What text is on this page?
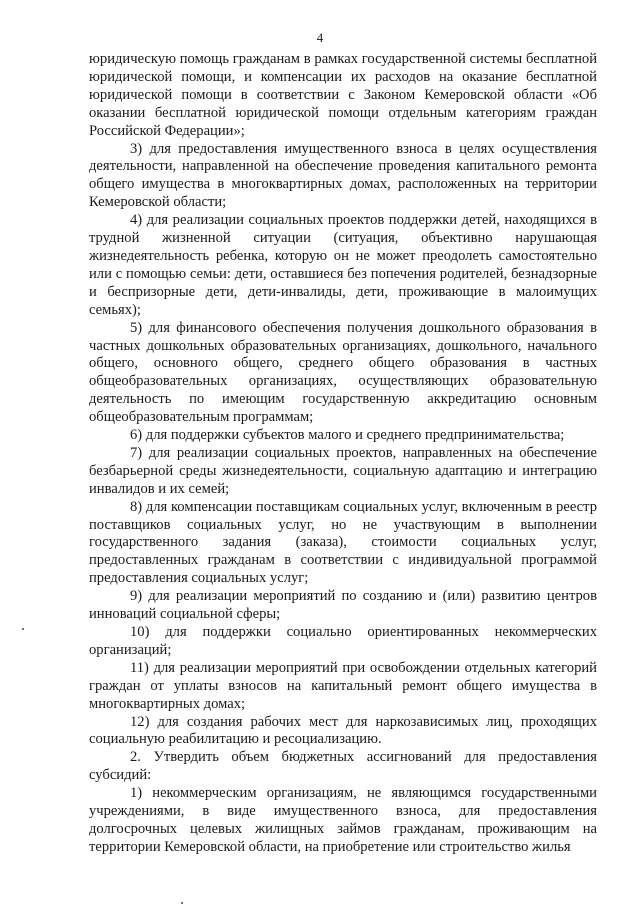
4

юридическую помощь гражданам в рамках государственной системы бесплатной юридической помощи, и компенсации их расходов на оказание бесплатной юридической помощи в соответствии с Законом Кемеровской области «Об оказании бесплатной юридической помощи отдельным категориям граждан Российской Федерации»;

3) для предоставления имущественного взноса в целях осуществления деятельности, направленной на обеспечение проведения капитального ремонта общего имущества в многоквартирных домах, расположенных на территории Кемеровской области;

4) для реализации социальных проектов поддержки детей, находящихся в трудной жизненной ситуации (ситуация, объективно нарушающая жизнедеятельность ребенка, которую он не может преодолеть самостоятельно или с помощью семьи: дети, оставшиеся без попечения родителей, безнадзорные и беспризорные дети, дети-инвалиды, дети, проживающие в малоимущих семьях);

5) для финансового обеспечения получения дошкольного образования в частных дошкольных образовательных организациях, дошкольного, начального общего, основного общего, среднего общего образования в частных общеобразовательных организациях, осуществляющих образовательную деятельность по имеющим государственную аккредитацию основным общеобразовательным программам;

6) для поддержки субъектов малого и среднего предпринимательства;

7) для реализации социальных проектов, направленных на обеспечение безбарьерной среды жизнедеятельности, социальную адаптацию и интеграцию инвалидов и их семей;

8) для компенсации поставщикам социальных услуг, включенным в реестр поставщиков социальных услуг, но не участвующим в выполнении государственного задания (заказа), стоимости социальных услуг, предоставленных гражданам в соответствии с индивидуальной программой предоставления социальных услуг;

9) для реализации мероприятий по созданию и (или) развитию центров инноваций социальной сферы;

10) для поддержки социально ориентированных некоммерческих организаций;

11) для реализации мероприятий при освобождении отдельных категорий граждан от уплаты взносов на капитальный ремонт общего имущества в многоквартирных домах;

12) для создания рабочих мест для наркозависимых лиц, проходящих социальную реабилитацию и ресоциализацию.

2. Утвердить объем бюджетных ассигнований для предоставления субсидий:

1) некоммерческим организациям, не являющимся государственными учреждениями, в виде имущественного взноса, для предоставления долгосрочных целевых жилищных займов гражданам, проживающим на территории Кемеровской области, на приобретение или строительство жилья
